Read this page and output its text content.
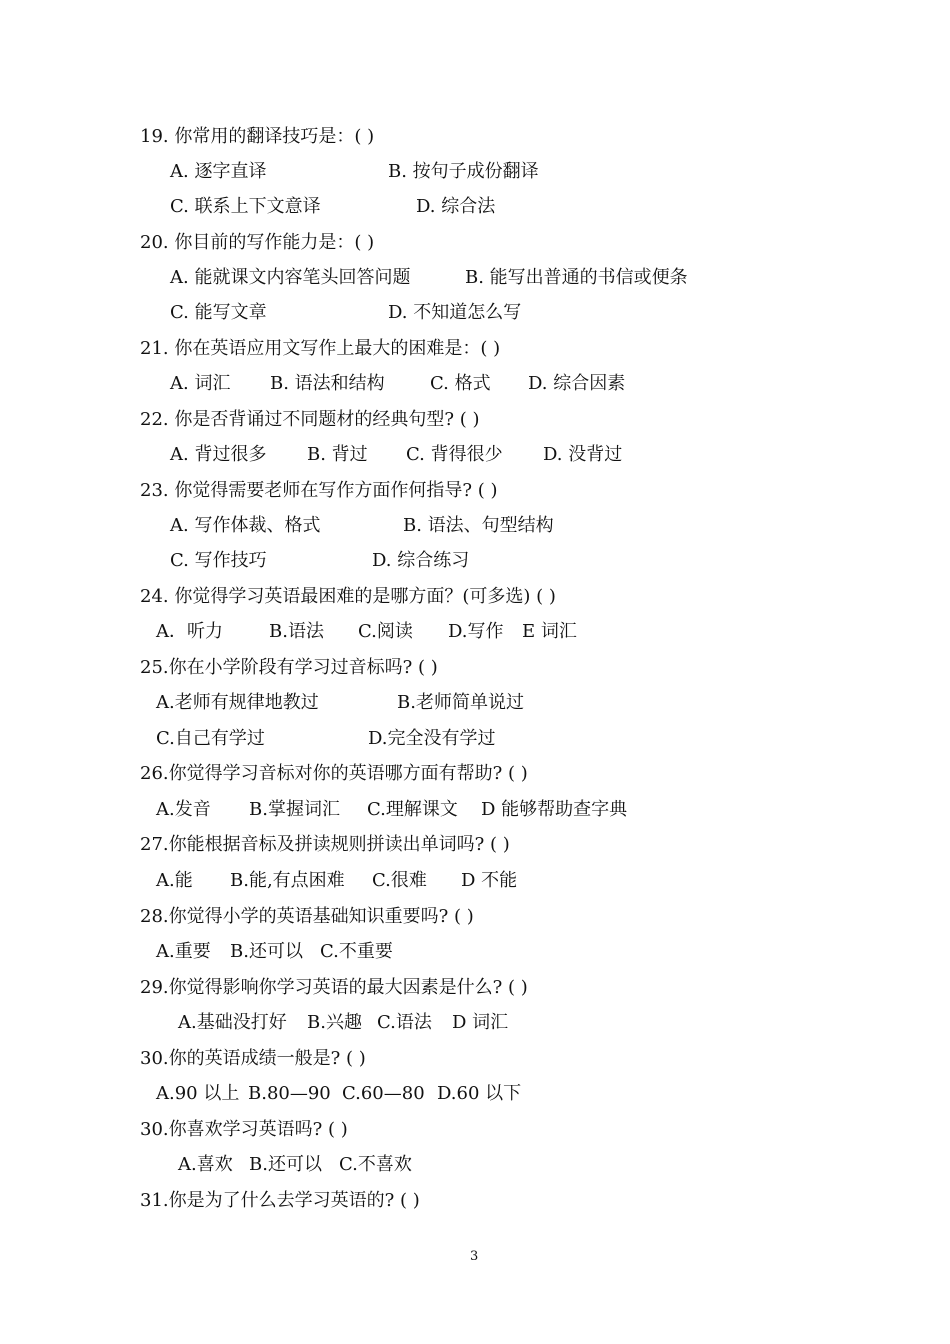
19. 你常用的翻译技巧是：( )
A. 逐字直译	B. 按句子成份翻译
C. 联系上下文意译	D. 综合法
20. 你目前的写作能力是：( )
A. 能就课文内容笔头回答问题	B. 能写出普通的书信或便条
C. 能写文章	D. 不知道怎么写
21. 你在英语应用文写作上最大的困难是：( )
A. 词汇 B. 语法和结构	C. 格式 D. 综合因素
22. 你是否背诵过不同题材的经典句型? ( )
A. 背过很多 B. 背过 C. 背得很少 D. 没背过
23. 你觉得需要老师在写作方面作何指导? ( )
A. 写作体裁、格式	B. 语法、句型结构
C. 写作技巧	D. 综合练习
24. 你觉得学习英语最困难的是哪方面？(可多选) ( )
A．听力	B.语法 C.阅读 D.写作 E 词汇
25.你在小学阶段有学习过音标吗? ( )
A.老师有规律地教过	B.老师简单说过
C.自己有学过	D.完全没有学过
26.你觉得学习音标对你的英语哪方面有帮助? ( )
A.发音 B.掌握词汇 C.理解课文 D 能够帮助查字典
27.你能根据音标及拼读规则拼读出单词吗? ( )
A.能 B.能,有点困难 C.很难 D 不能
28.你觉得小学的英语基础知识重要吗? ( )
A.重要 B.还可以 C.不重要
29.你觉得影响你学习英语的最大因素是什么? ( )
A.基础没打好 B.兴趣 C.语法 D 词汇
30.你的英语成绩一般是? ( )
A.90 以上 B.80—90 C.60—80 D.60 以下
30.你喜欢学习英语吗? ( )
A.喜欢 B.还可以 C.不喜欢
31.你是为了什么去学习英语的? ( )
3
